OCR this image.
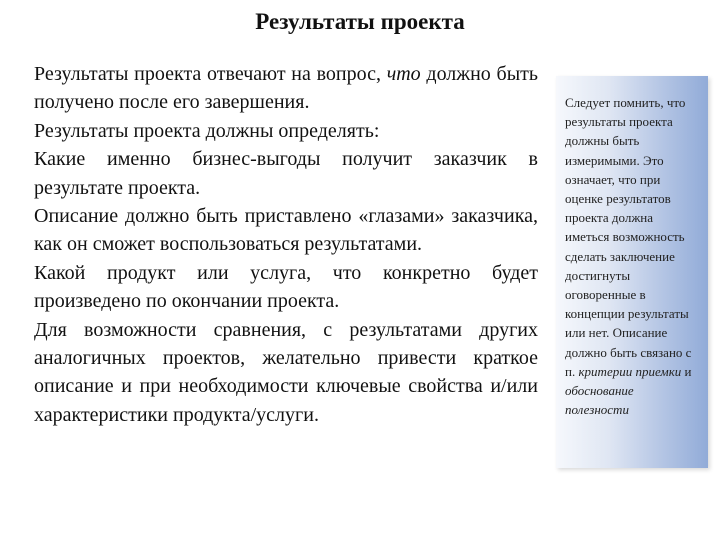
Результаты проекта

Результаты проекта отвечают на вопрос, что должно быть получено после его завершения.

Результаты проекта должны определять:

Какие именно бизнес-выгоды получит заказчик в результате проекта.

Описание должно быть приставлено «глазами» заказчика, как он сможет воспользоваться результатами.

Какой продукт или услуга, что конкретно будет произведено по окончании проекта.

Для возможности сравнения, с результатами других аналогичных проектов, желательно привести краткое описание и при необходимости ключевые свойства и/или характеристики продукта/услуги.

Следует помнить, что результаты проекта должны быть измеримыми. Это означает, что при оценке результатов проекта должна иметься возможность сделать заключение достигнуты оговоренные в концепции результаты или нет. Описание должно быть связано с п. критерии приемки и обоснование полезности
